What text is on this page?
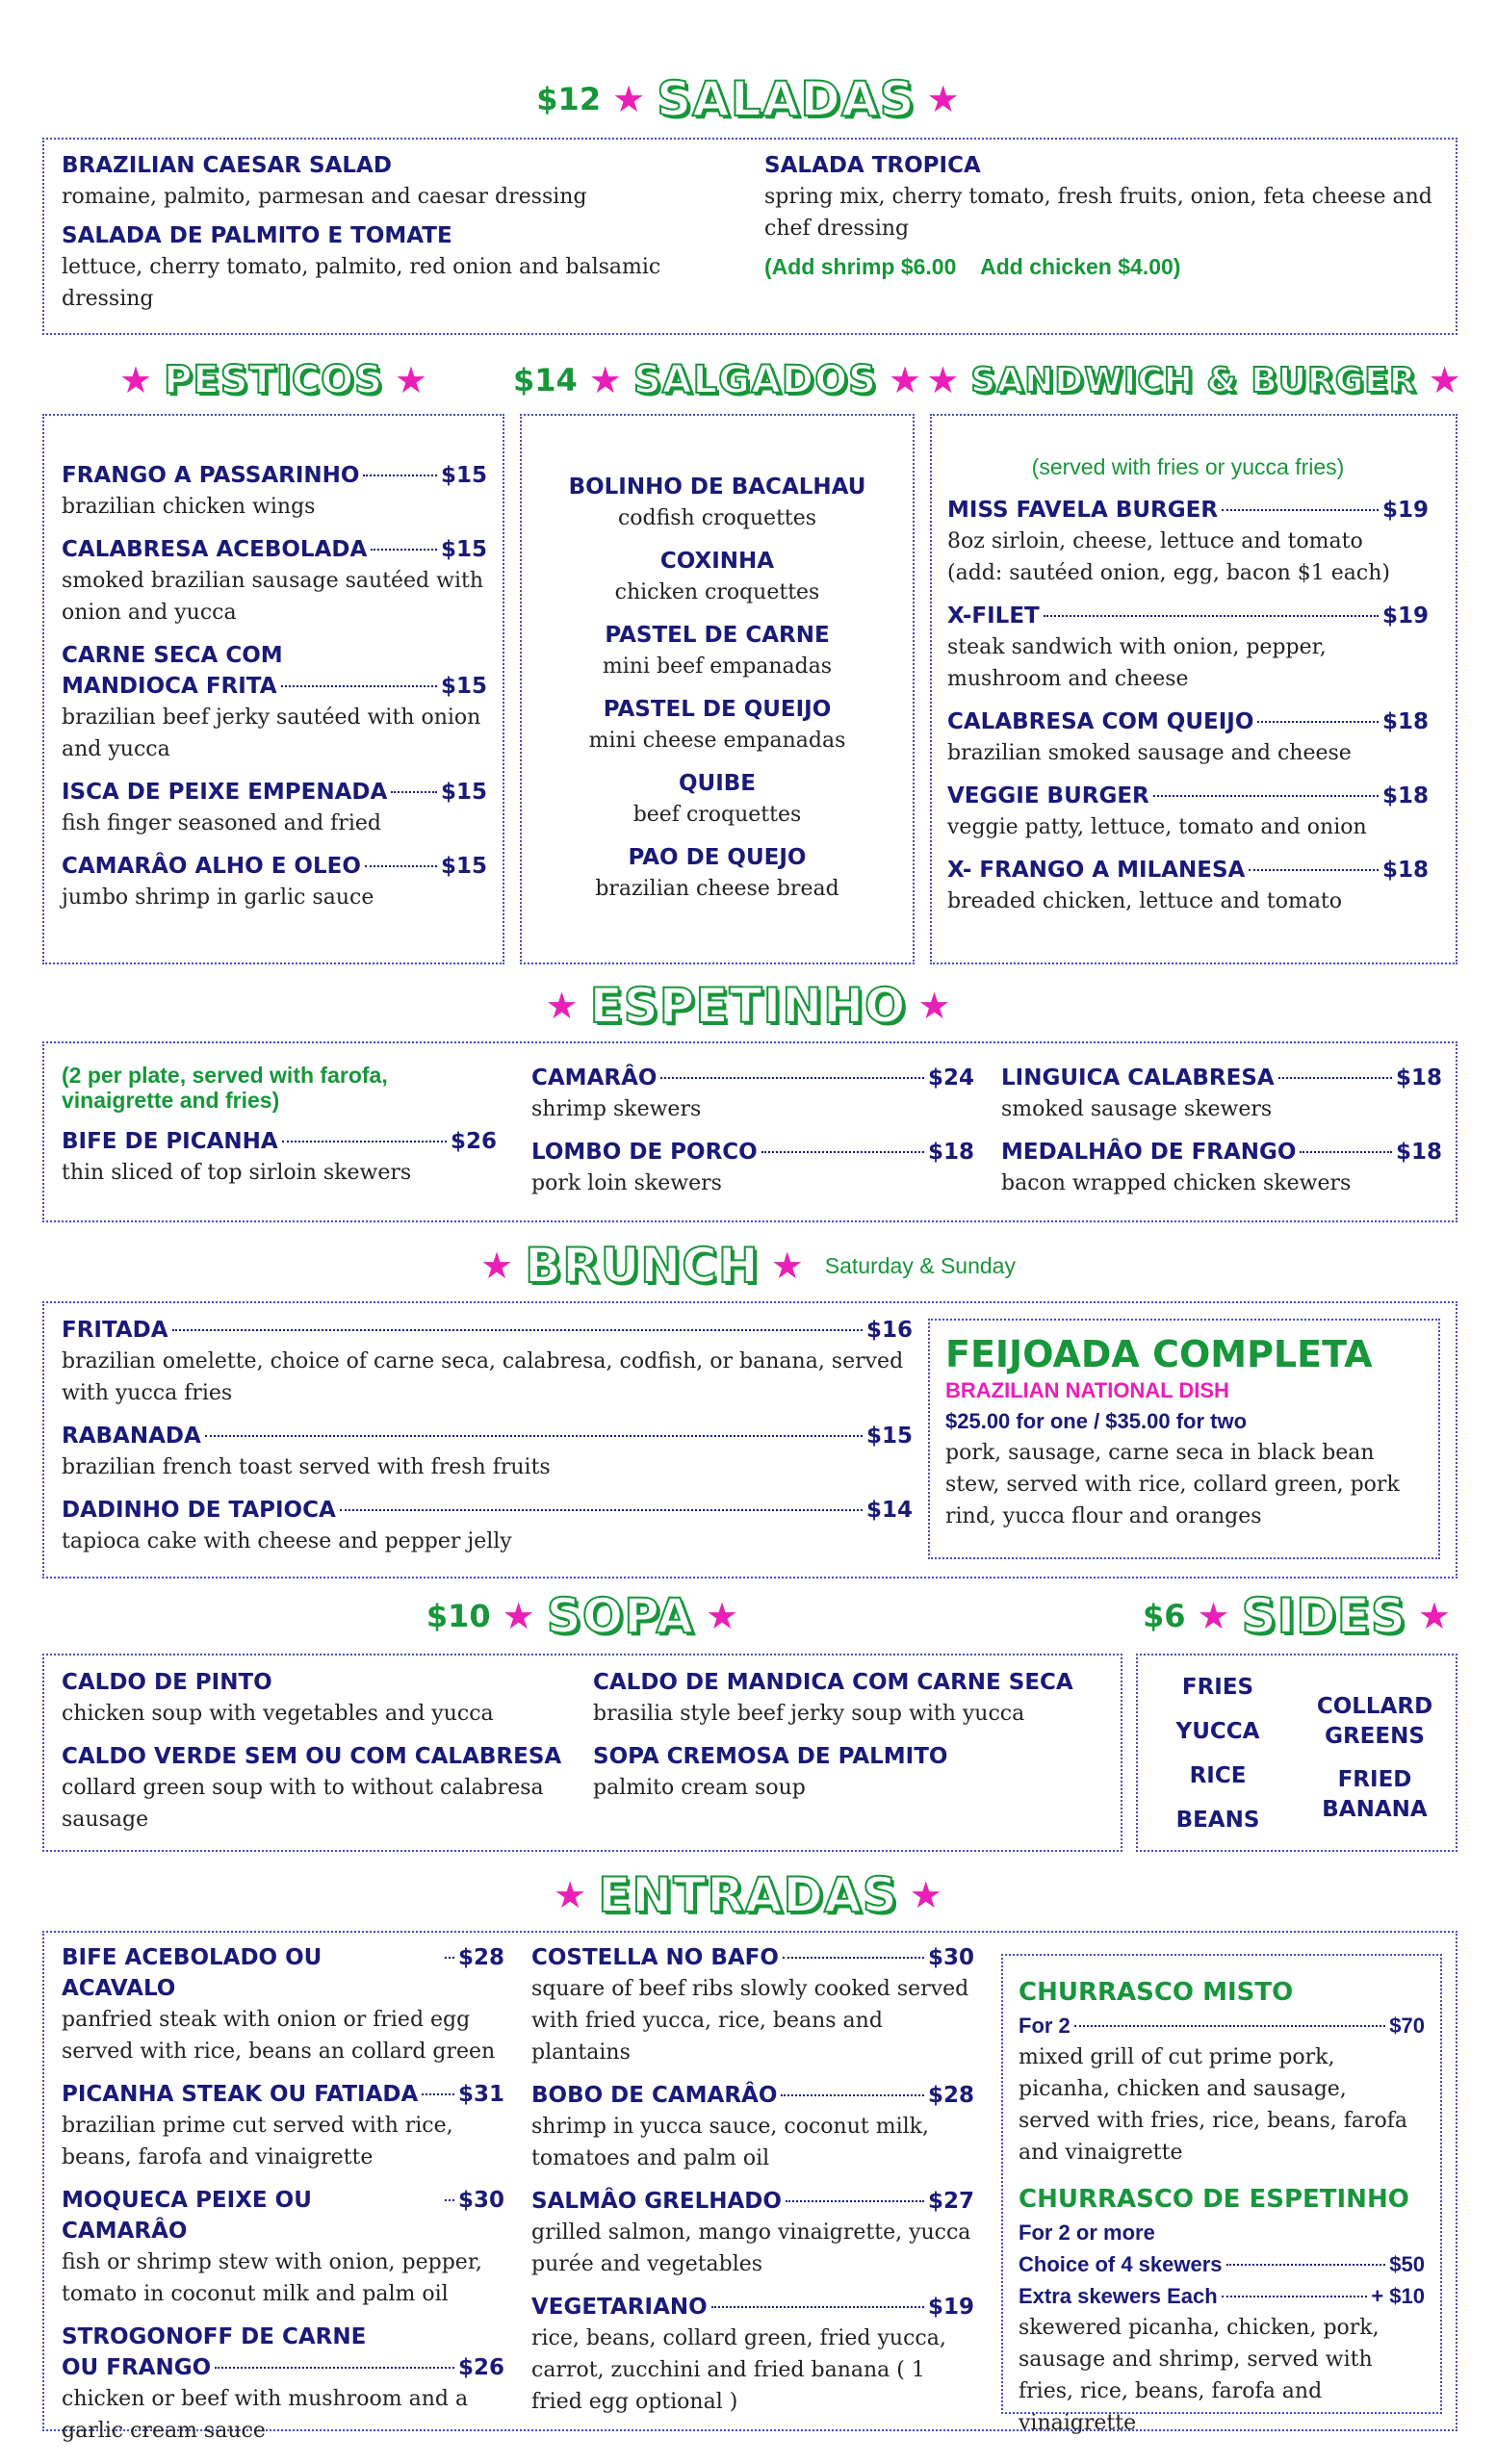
$12 ★ SALADAS ★
BRAZILIAN CAESAR SALAD
romaine, palmito, parmesan and caesar dressing
SALADA DE PALMITO E TOMATE
lettuce, cherry tomato, palmito, red onion and balsamic dressing
SALADA TROPICA
spring mix, cherry tomato, fresh fruits, onion, feta cheese and chef dressing
(Add shrimp $6.00    Add chicken $4.00)
★ PESTICOS ★	$14 ★ SALGADOS ★ ★ SANDWICH & BURGER ★
FRANGO A PASSARINHO	$15
brazilian chicken wings
CALABRESA ACEBOLADA	$15
smoked brazilian sausage sautéed with onion and yucca
CARNE SECA COM
MANDIOCA FRITA	$15
brazilian beef jerky sautéed with onion and yucca
ISCA DE PEIXE EMPENADA $15
fish finger seasoned and fried
CAMARÂO ALHO E OLEO	$15
jumbo shrimp in garlic sauce
BOLINHO DE BACALHAU
codfish croquettes
COXINHA
chicken croquettes
PASTEL DE CARNE
mini beef empanadas
PASTEL DE QUEIJO
mini cheese empanadas
QUIBE
beef croquettes
PAO DE QUEJO
brazilian cheese bread
(served with fries or yucca fries)
MISS FAVELA BURGER	$19
8oz sirloin, cheese, lettuce and tomato
(add: sautéed onion, egg, bacon $1 each)
X-FILET	$19
steak sandwich with onion, pepper, mushroom and cheese
CALABRESA COM QUEIJO	$18
brazilian smoked sausage and cheese
VEGGIE BURGER	$18
veggie patty, lettuce, tomato and onion
X- FRANGO A MILANESA	$18
breaded chicken, lettuce and tomato
★ ESPETINHO ★
(2 per plate, served with farofa, vinaigrette and fries)
BIFE DE PICANHA	$26
thin sliced of top sirloin skewers
CAMARÂO	$24
shrimp skewers
LOMBO DE PORCO	$18
pork loin skewers
LINGUICA CALABRESA	$18
smoked sausage skewers
MEDALHÂO DE FRANGO	$18
bacon wrapped chicken skewers
★ BRUNCH ★ Saturday & Sunday
FRITADA	$16
brazilian omelette, choice of carne seca, calabresa, codfish, or banana, served with yucca fries
RABANADA	$15
brazilian french toast served with fresh fruits
DADINHO DE TAPIOCA	$14
tapioca cake with cheese and pepper jelly
FEIJOADA COMPLETA
BRAZILIAN NATIONAL DISH
$25.00 for one / $35.00 for two
pork, sausage, carne seca in black bean stew, served with rice, collard green, pork rind, yucca flour and oranges
$10 ★ SOPA ★	$6 ★ SIDES ★
CALDO DE PINTO
chicken soup with vegetables and yucca
CALDO VERDE SEM OU COM CALABRESA
collard green soup with to without calabresa sausage
CALDO DE MANDICA COM CARNE SECA
brasilia style beef jerky soup with yucca
SOPA CREMOSA DE PALMITO
palmito cream soup
FRIES
YUCCA
RICE
BEANS
COLLARD GREENS
FRIED BANANA
★ ENTRADAS ★
BIFE ACEBOLADO OU ACAVALO
$28
panfried steak with onion or fried egg served with rice, beans an collard green
PICANHA STEAK OU FATIADA $31
brazilian prime cut served with rice, beans, farofa and vinaigrette
MOQUECA PEIXE OU CAMARÂO
$30
fish or shrimp stew with onion, pepper, tomato in coconut milk and palm oil
STROGONOFF DE CARNE
OU FRANGO	$26
chicken or beef with mushroom and a garlic cream sauce
COSTELLA NO BAFO	$30
square of beef ribs slowly cooked served with fried yucca, rice, beans and plantains
BOBO DE CAMARÂO	$28
shrimp in yucca sauce, coconut milk, tomatoes and palm oil
SALMÂO GRELHADO	$27
grilled salmon, mango vinaigrette, yucca purée and vegetables
VEGETARIANO	$19
rice, beans, collard green, fried yucca, carrot, zucchini and fried banana ( 1 fried egg optional )
CHURRASCO MISTO
For 2	$70
mixed grill of cut prime pork, picanha, chicken and sausage, served with fries, rice, beans, farofa and vinaigrette
CHURRASCO DE ESPETINHO
For 2 or more
Choice of 4 skewers	$50
Extra skewers Each	+ $10
skewered picanha, chicken, pork, sausage and shrimp, served with fries, rice, beans, farofa and vinaigrette
